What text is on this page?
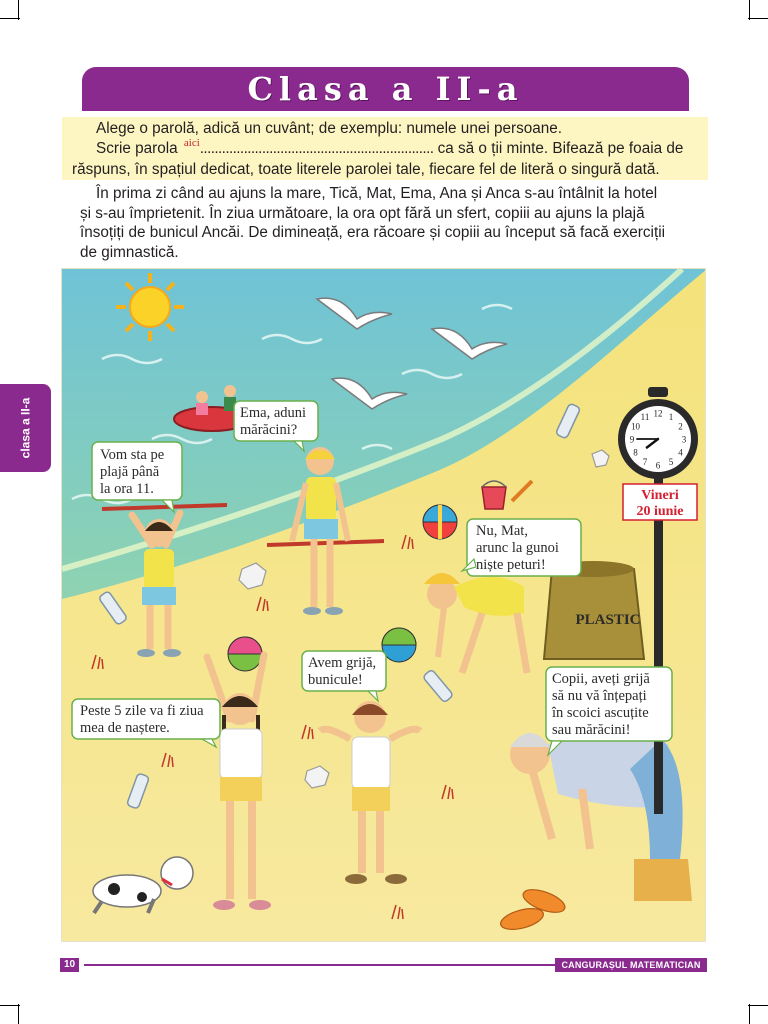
Clasa a II-a
Alege o parolă, adică un cuvânt; de exemplu: numele unei persoane.
Scrie parola $^{aici}$................................................................ ca să o ții minte. Bifează pe foaia de
răspuns, în spațiul dedicat, toate literele parolei tale, fiecare fel de literă o singură dată.
În prima zi când au ajuns la mare, Tică, Mat, Ema, Ana și Anca s-au întâlnit la hotel
și s-au împrietenit. În ziua următoare, la ora opt fără un sfert, copiii au ajuns la plajă
însoțiți de bunicul Ancăi. De dimineață, era răcoare și copiii au început să facă exerciții
de gimnastică.
PLASTIC
1
2
3
4
5
6
7
8
9
10
11 12
Vineri
20 iunie
Ema, aduni
mărăcini?
Vom sta pe
plajă până
la ora 11.
Nu, Mat,
arunc la gunoi
niște peturi!
Avem grijă,
bunicule!
Peste 5 zile va fi ziua
mea de naștere.
Copii, aveți grijă
să nu vă înțepați
în scoici ascuțite
sau mărăcini!
clasa a II-a
10	CANGURAȘUL MATEMATICIAN
